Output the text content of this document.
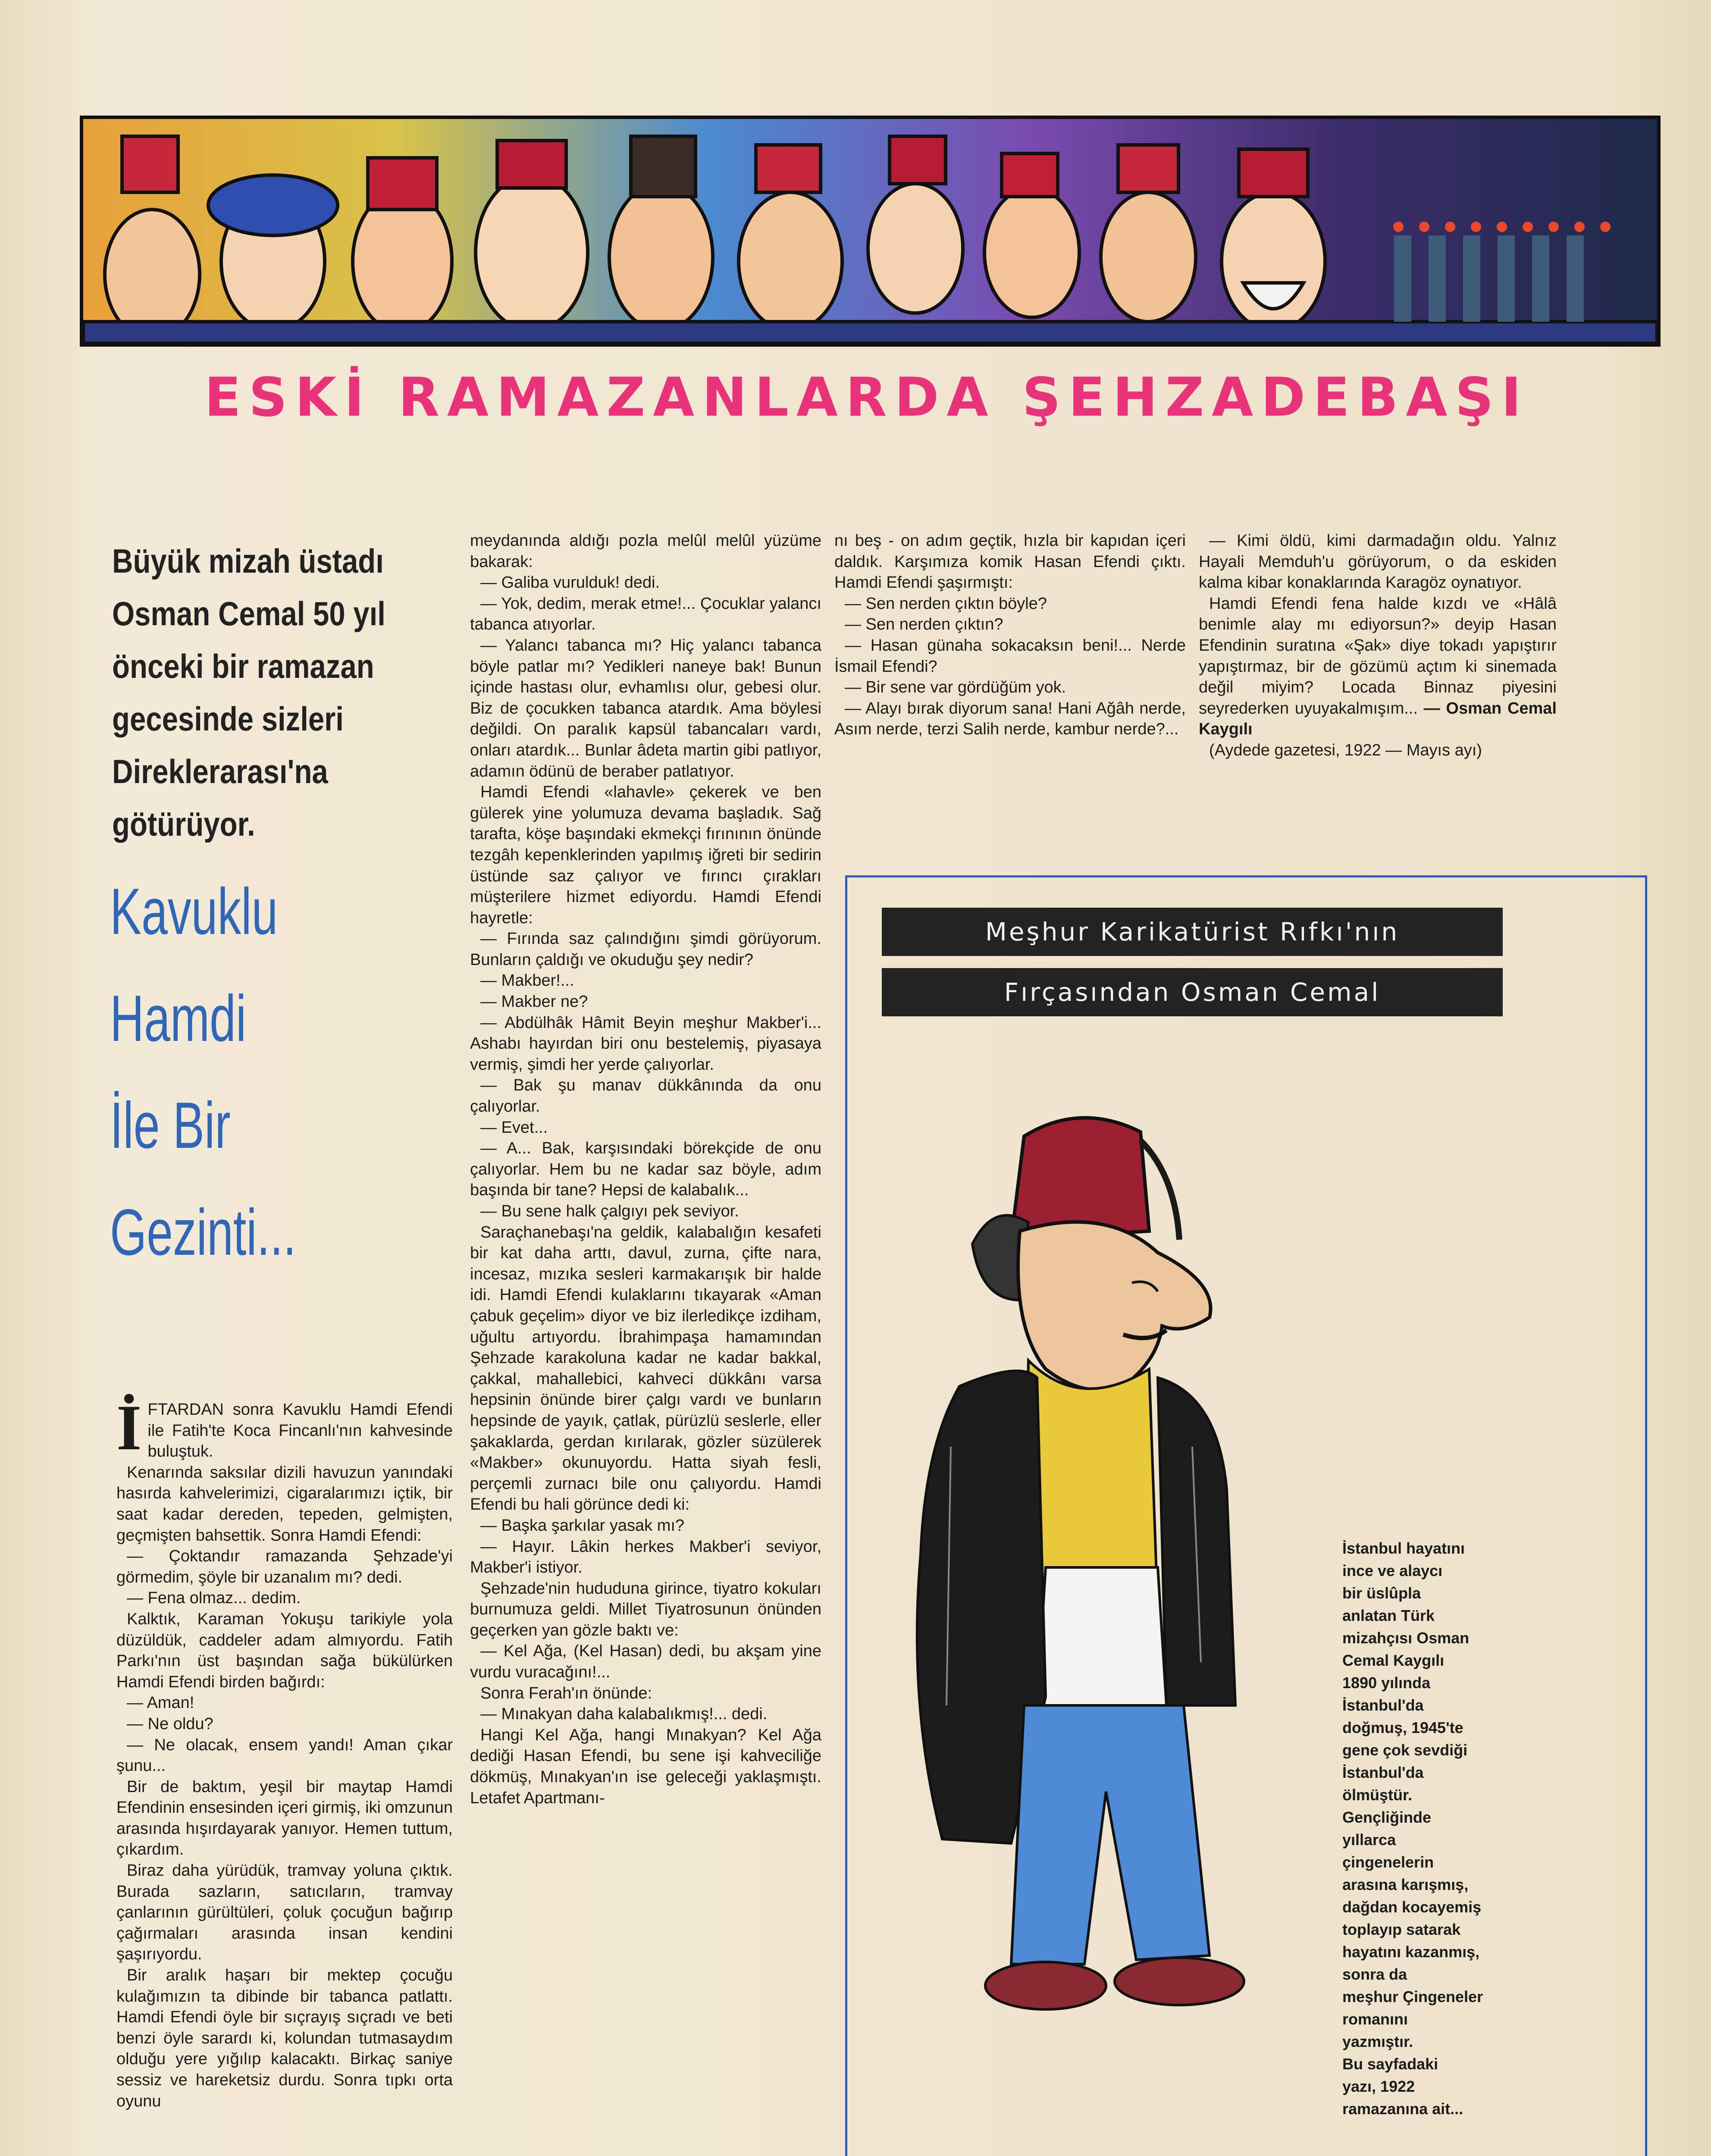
ESKİ RAMAZANLARDA ŞEHZADEBAŞI
Büyük mizah üstadı
Osman Cemal 50 yıl
önceki bir ramazan
gecesinde sizleri
Direklerarası'na
götürüyor.
Kavuklu
Hamdi
İle Bir
Gezinti...
İ FTARDAN sonra Kavuklu Hamdi Efendi ile Fatih'te Koca Fincanlı'nın kahvesinde buluştuk.

Kenarında saksılar dizili havuzun yanındaki hasırda kahvelerimizi, cigaralarımızı içtik, bir saat kadar dereden, tepeden, gelmişten, geçmişten bahsettik. Sonra Hamdi Efendi:

— Çoktandır ramazanda Şehzade'yi görmedim, şöyle bir uzanalım mı? dedi.

— Fena olmaz... dedim.

Kalktık, Karaman Yokuşu tarikiyle yola düzüldük, caddeler adam almıyordu. Fatih Parkı'nın üst başından sağa bükülürken Hamdi Efendi birden bağırdı:

— Aman!

— Ne oldu?

— Ne olacak, ensem yandı! Aman çıkar şunu...

Bir de baktım, yeşil bir maytap Hamdi Efendinin ensesinden içeri girmiş, iki omzunun arasında hışırdayarak yanıyor. Hemen tuttum, çıkardım.

Biraz daha yürüdük, tramvay yoluna çıktık. Burada sazların, satıcıların, tramvay çanlarının gürültüleri, çoluk çocuğun bağırıp çağırmaları arasında insan kendini şaşırıyordu.

Bir aralık haşarı bir mektep çocuğu kulağımızın ta dibinde bir tabanca patlattı. Hamdi Efendi öyle bir sıçrayış sıçradı ve beti benzi öyle sarardı ki, kolundan tutmasaydım olduğu yere yığılıp kalacaktı. Birkaç saniye sessiz ve hareketsiz durdu. Sonra tıpkı orta oyunu

meydanında aldığı pozla melûl melûl yüzüme bakarak:

— Galiba vurulduk! dedi.

— Yok, dedim, merak etme!... Çocuklar yalancı tabanca atıyorlar.

— Yalancı tabanca mı? Hiç yalancı tabanca böyle patlar mı? Yedikleri naneye bak! Bunun içinde hastası olur, evhamlısı olur, gebesi olur. Biz de çocukken tabanca atardık. Ama böylesi değildi. On paralık kapsül tabancaları vardı, onları atardık... Bunlar âdeta martin gibi patlıyor, adamın ödünü de beraber patlatıyor.

Hamdi Efendi «lahavle» çekerek ve ben gülerek yine yolumuza devama başladık. Sağ tarafta, köşe başındaki ekmekçi fırınının önünde tezgâh kepenklerinden yapılmış iğreti bir sedirin üstünde saz çalıyor ve fırıncı çırakları müşterilere hizmet ediyordu. Hamdi Efendi hayretle:

— Fırında saz çalındığını şimdi görüyorum. Bunların çaldığı ve okuduğu şey nedir?

— Makber!...

— Makber ne?

— Abdülhâk Hâmit Beyin meşhur Makber'i... Ashabı hayırdan biri onu bestelemiş, piyasaya vermiş, şimdi her yerde çalıyorlar.

— Bak şu manav dükkânında da onu çalıyorlar.

— Evet...

— A... Bak, karşısındaki börekçide de onu çalıyorlar. Hem bu ne kadar saz böyle, adım başında bir tane? Hepsi de kalabalık...

— Bu sene halk çalgıyı pek seviyor.

Saraçhanebaşı'na geldik, kalabalığın kesafeti bir kat daha arttı, davul, zurna, çifte nara, incesaz, mızıka sesleri karmakarışık bir halde idi. Hamdi Efendi kulaklarını tıkayarak «Aman çabuk geçelim» diyor ve biz ilerledikçe izdiham, uğultu artıyordu. İbrahimpaşa hamamından Şehzade karakoluna kadar ne kadar bakkal, çakkal, mahallebici, kahveci dükkânı varsa hepsinin önünde birer çalgı vardı ve bunların hepsinde de yayık, çatlak, pürüzlü seslerle, eller şakaklarda, gerdan kırılarak, gözler süzülerek «Makber» okunuyordu. Hatta siyah fesli, perçemli zurnacı bile onu çalıyordu. Hamdi Efendi bu hali görünce dedi ki:

— Başka şarkılar yasak mı?

— Hayır. Lâkin herkes Makber'i seviyor, Makber'i istiyor.

Şehzade'nin hududuna girince, tiyatro kokuları burnumuza geldi. Millet Tiyatrosunun önünden geçerken yan gözle baktı ve:

— Kel Ağa, (Kel Hasan) dedi, bu akşam yine vurdu vuracağını!...

Sonra Ferah'ın önünde:

— Mınakyan daha kalabalıkmış!... dedi.

Hangi Kel Ağa, hangi Mınakyan? Kel Ağa dediği Hasan Efendi, bu sene işi kahveciliğe dökmüş, Mınakyan'ın ise geleceği yaklaşmıştı. Letafet Apartmanı-

nı beş - on adım geçtik, hızla bir kapıdan içeri daldık. Karşımıza komik Hasan Efendi çıktı. Hamdi Efendi şaşırmıştı:

— Sen nerden çıktın böyle?

— Sen nerden çıktın?

— Hasan günaha sokacaksın beni!... Nerde İsmail Efendi?

— Bir sene var gördüğüm yok.

— Alayı bırak diyorum sana! Hani Ağâh nerde, Asım nerde, terzi Salih nerde, kambur nerde?...

— Kimi öldü, kimi darmadağın oldu. Yalnız Hayali Memduh'u görüyorum, o da eskiden kalma kibar konaklarında Karagöz oynatıyor.

Hamdi Efendi fena halde kızdı ve «Hâlâ benimle alay mı ediyorsun?» deyip Hasan Efendinin suratına «Şak» diye tokadı yapıştırır yapıştırmaz, bir de gözümü açtım ki sinemada değil miyim? Locada Binnaz piyesini seyrederken uyuyakalmışım... — Osman Cemal Kaygılı

(Aydede gazetesi, 1922 — Mayıs ayı)

Meşhur Karikatürist Rıfkı'nın
Fırçasından Osman Cemal
İstanbul hayatını
ince ve alaycı
bir üslûpla
anlatan Türk
mizahçısı Osman
Cemal Kaygılı
1890 yılında
İstanbul'da
doğmuş, 1945'te
gene çok sevdiği
İstanbul'da
ölmüştür.
Gençliğinde
yıllarca
çingenelerin
arasına karışmış,
dağdan kocayemiş
toplayıp satarak
hayatını kazanmış,
sonra da
meşhur Çingeneler
romanını
yazmıştır.
Bu sayfadaki
yazı, 1922
ramazanına ait...
